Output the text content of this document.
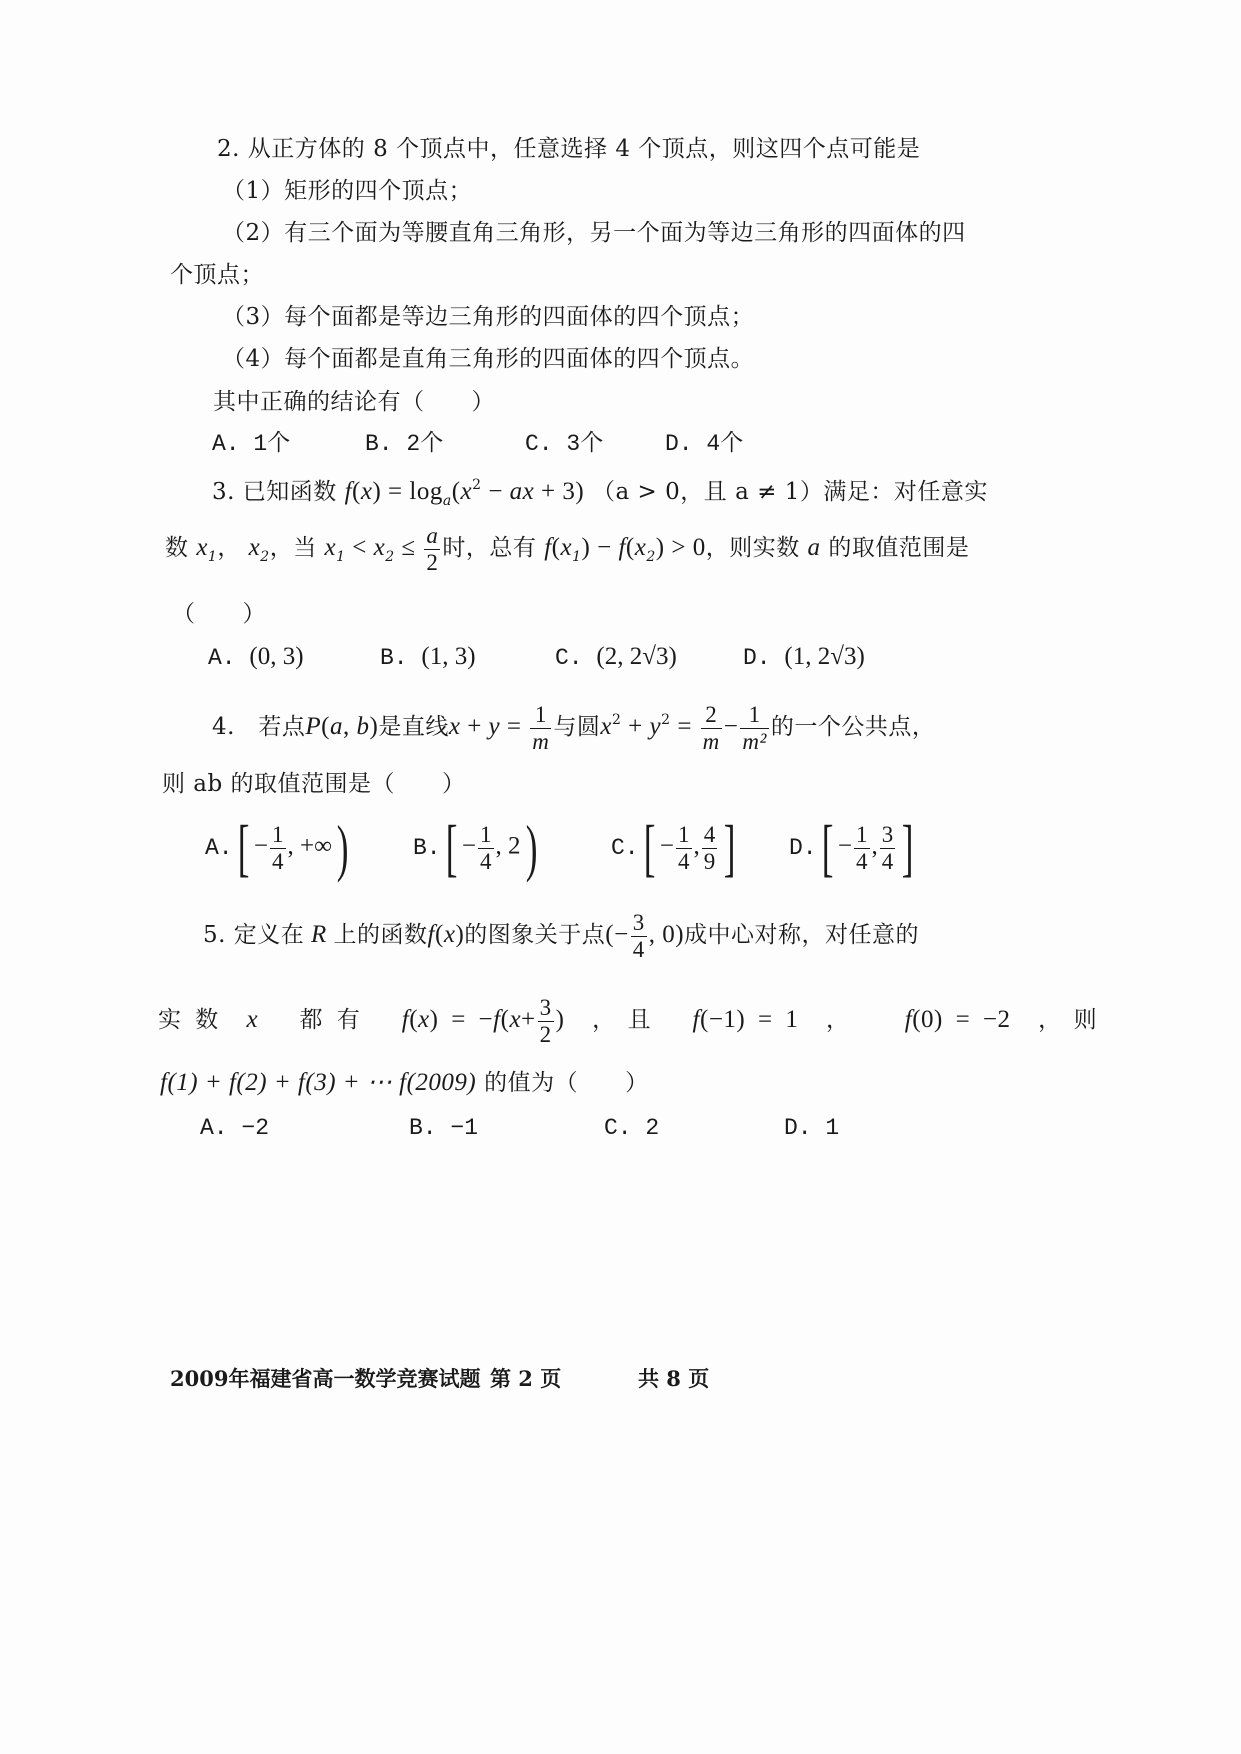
2. 从正方体的 8 个顶点中，任意选择 4 个顶点，则这四个点可能是
（1）矩形的四个顶点；
（2）有三个面为等腰直角三角形，另一个面为等边三角形的四面体的四
个顶点；
（3）每个面都是等边三角形的四面体的四个顶点；
（4）每个面都是直角三角形的四面体的四个顶点。
其中正确的结论有（　　）
A. 1个	B. 2个	C. 3个	D. 4个
3. 已知函数 $f(x) = \log_a(x^2$ − ax + 3) （a > 0，且 a ≠ 1）满足：对任意实
数 $x_1$， $x_2$，当 $x_1 < x_2 \le \frac{a}{2}$ 时，总有 $f(x_1) - f(x_2) > 0$，则实数 a 的取值范围是
（　　）
A. (0, 3)	B. (1, 3)	C. (2, 2√3)	D. (1, 2√3)
4. 若点P(a, b)是直线$x + y = \frac{1}{m}$ 与圆$x^2 + y^2 = \frac{2}{m} - \frac{1}{\text{m²}}$ 的一个公共点，
则 ab 的取值范围是（　　）
$A.[ - \frac{1}{4}$ , +∞)	$B.[ - \frac{1}{4}$ , 2)	$C.[ - \frac{1}{4}$ , $\frac{4}{9}$ ] $D.[ - \frac{1}{4}$ , $\frac{3}{4}$ ]
5. 定义在 R 上的函数f(x)的图象关于点(− $\frac{3}{4}$ , 0)成中心对称，对任意的
实 数 x 都 有 $f(x) = -f(x+ \frac{3}{2}$ ) ，　且 f(−1) = 1 ， f(0) = −2 ，　则
f(1) + f(2) + f(3) + ⋯ f(2009) 的值为（　　）
A. −2	B. −1	C. 2	D. 1
2009年福建省高一数学竞赛试题 第 2 页	共 8 页
